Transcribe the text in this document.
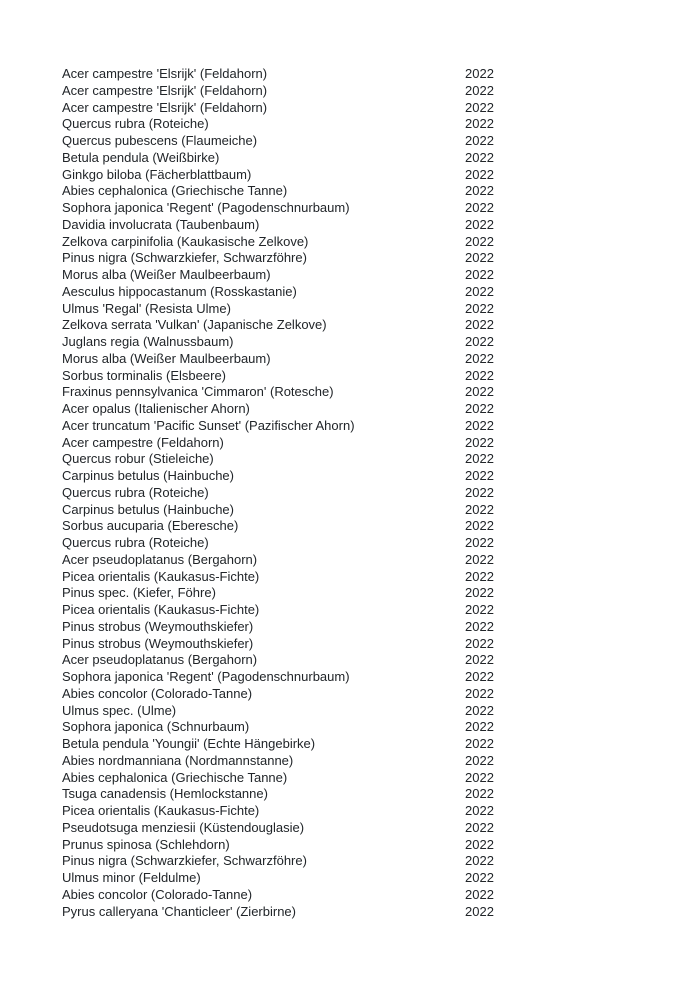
Acer campestre 'Elsrijk' (Feldahorn)	2022
Acer campestre 'Elsrijk' (Feldahorn)	2022
Acer campestre 'Elsrijk' (Feldahorn)	2022
Quercus rubra (Roteiche)	2022
Quercus pubescens (Flaumeiche)	2022
Betula pendula (Weißbirke)	2022
Ginkgo biloba (Fächerblattbaum)	2022
Abies cephalonica (Griechische Tanne)	2022
Sophora japonica 'Regent' (Pagodenschnurbaum)	2022
Davidia involucrata (Taubenbaum)	2022
Zelkova carpinifolia (Kaukasische Zelkove)	2022
Pinus nigra (Schwarzkiefer, Schwarzföhre)	2022
Morus alba (Weißer Maulbeerbaum)	2022
Aesculus hippocastanum (Rosskastanie)	2022
Ulmus 'Regal' (Resista Ulme)	2022
Zelkova serrata 'Vulkan' (Japanische Zelkove)	2022
Juglans regia (Walnussbaum)	2022
Morus alba (Weißer Maulbeerbaum)	2022
Sorbus torminalis (Elsbeere)	2022
Fraxinus pennsylvanica 'Cimmaron' (Rotesche)	2022
Acer opalus (Italienischer Ahorn)	2022
Acer truncatum 'Pacific Sunset' (Pazifischer Ahorn)	2022
Acer campestre (Feldahorn)	2022
Quercus robur (Stieleiche)	2022
Carpinus betulus (Hainbuche)	2022
Quercus rubra (Roteiche)	2022
Carpinus betulus (Hainbuche)	2022
Sorbus aucuparia (Eberesche)	2022
Quercus rubra (Roteiche)	2022
Acer pseudoplatanus (Bergahorn)	2022
Picea orientalis (Kaukasus-Fichte)	2022
Pinus spec. (Kiefer, Föhre)	2022
Picea orientalis (Kaukasus-Fichte)	2022
Pinus strobus (Weymouthskiefer)	2022
Pinus strobus (Weymouthskiefer)	2022
Acer pseudoplatanus (Bergahorn)	2022
Sophora japonica 'Regent' (Pagodenschnurbaum)	2022
Abies concolor (Colorado-Tanne)	2022
Ulmus spec. (Ulme)	2022
Sophora japonica (Schnurbaum)	2022
Betula pendula 'Youngii' (Echte Hängebirke)	2022
Abies nordmanniana (Nordmannstanne)	2022
Abies cephalonica (Griechische Tanne)	2022
Tsuga canadensis (Hemlockstanne)	2022
Picea orientalis (Kaukasus-Fichte)	2022
Pseudotsuga menziesii (Küstendouglasie)	2022
Prunus spinosa (Schlehdorn)	2022
Pinus nigra (Schwarzkiefer, Schwarzföhre)	2022
Ulmus minor (Feldulme)	2022
Abies concolor (Colorado-Tanne)	2022
Pyrus calleryana 'Chanticleer' (Zierbirne)	2022
